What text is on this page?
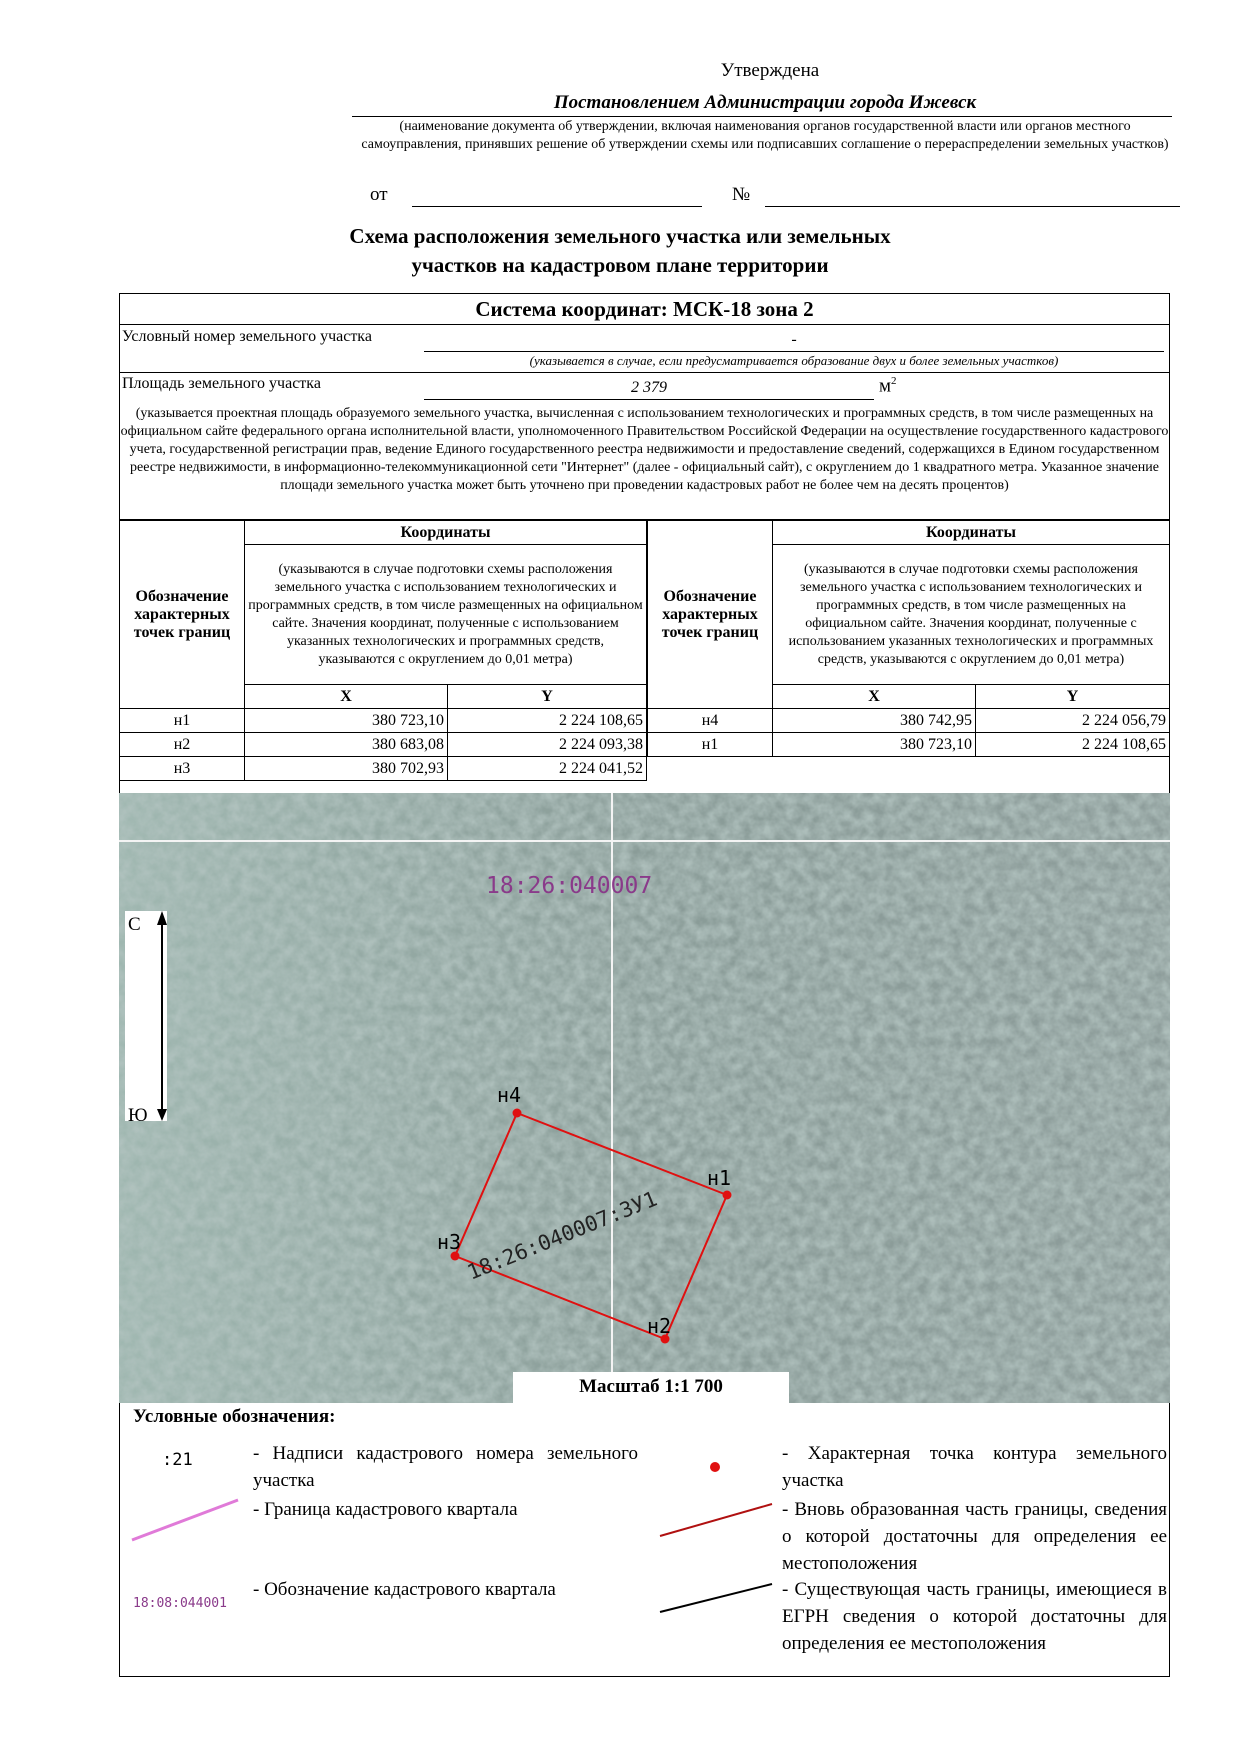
Утверждена
Постановлением Администрации города Ижевск
(наименование документа об утверждении, включая наименования органов государственной власти или органов местного самоуправления, принявших решение об утверждении схемы или подписавших соглашение о перераспределении земельных участков)
от	№
Схема расположения земельного участка или земельных
участков на кадастровом плане территории
Система координат: МСК-18 зона 2
Условный номер земельного участка	-
(указывается в случае, если предусматривается образование двух и более земельных участков)
Площадь земельного участка	2 379	$м^2$
(указывается проектная площадь образуемого земельного участка, вычисленная с использованием технологических и программных средств, в том числе размещенных на официальном сайте федерального органа исполнительной власти, уполномоченного Правительством Российской Федерации на осуществление государственного кадастрового учета, государственной регистрации прав, ведение Единого государственного реестра недвижимости и предоставление сведений, содержащихся в Едином государственном реестре недвижимости, в информационно-телекоммуникационной сети "Интернет" (далее - официальный сайт), с округлением до 1 квадратного метра. Указанное значение площади земельного участка может быть уточнено при проведении кадастровых работ не более чем на десять процентов)
Обозначение характерных точек границ	Координаты	
	(указываются в случае подготовки схемы расположения земельного участка с использованием технологических и программных средств, в том числе размещенных на официальном сайте. Значения координат, полученные с использованием указанных технологических и программных средств, указываются с округлением до 0,01 метра)	
	X	Y
н1	380 723,10	2 224 108,65
н2	380 683,08	2 224 093,38
н3	380 702,93	2 224 041,52
Обозначение характерных точек границ	Координаты	
	(указываются в случае подготовки схемы расположения земельного участка с использованием технологических и программных средств, в том числе размещенных на официальном сайте. Значения координат, полученные с использованием указанных технологических и программных средств, указываются с округлением до 0,01 метра)	
	X	Y
н4	380 742,95	2 224 056,79
н1	380 723,10	2 224 108,65
18:26:040007
С
Ю
н1
н2
н3
н4
18:26:040007:ЗУ1
Масштаб 1:1 700
Условные обозначения:
:21	- Надписи кадастрового номера земельного участка
- Характерная точка контура земельного участка
- Граница кадастрового квартала	- Вновь образованная часть границы, сведения о которой достаточны для определения ее местоположения
18:08:044001
- Обозначение кадастрового квартала	- Существующая часть границы, имеющиеся в ЕГРН сведения о которой достаточны для определения ее местоположения
